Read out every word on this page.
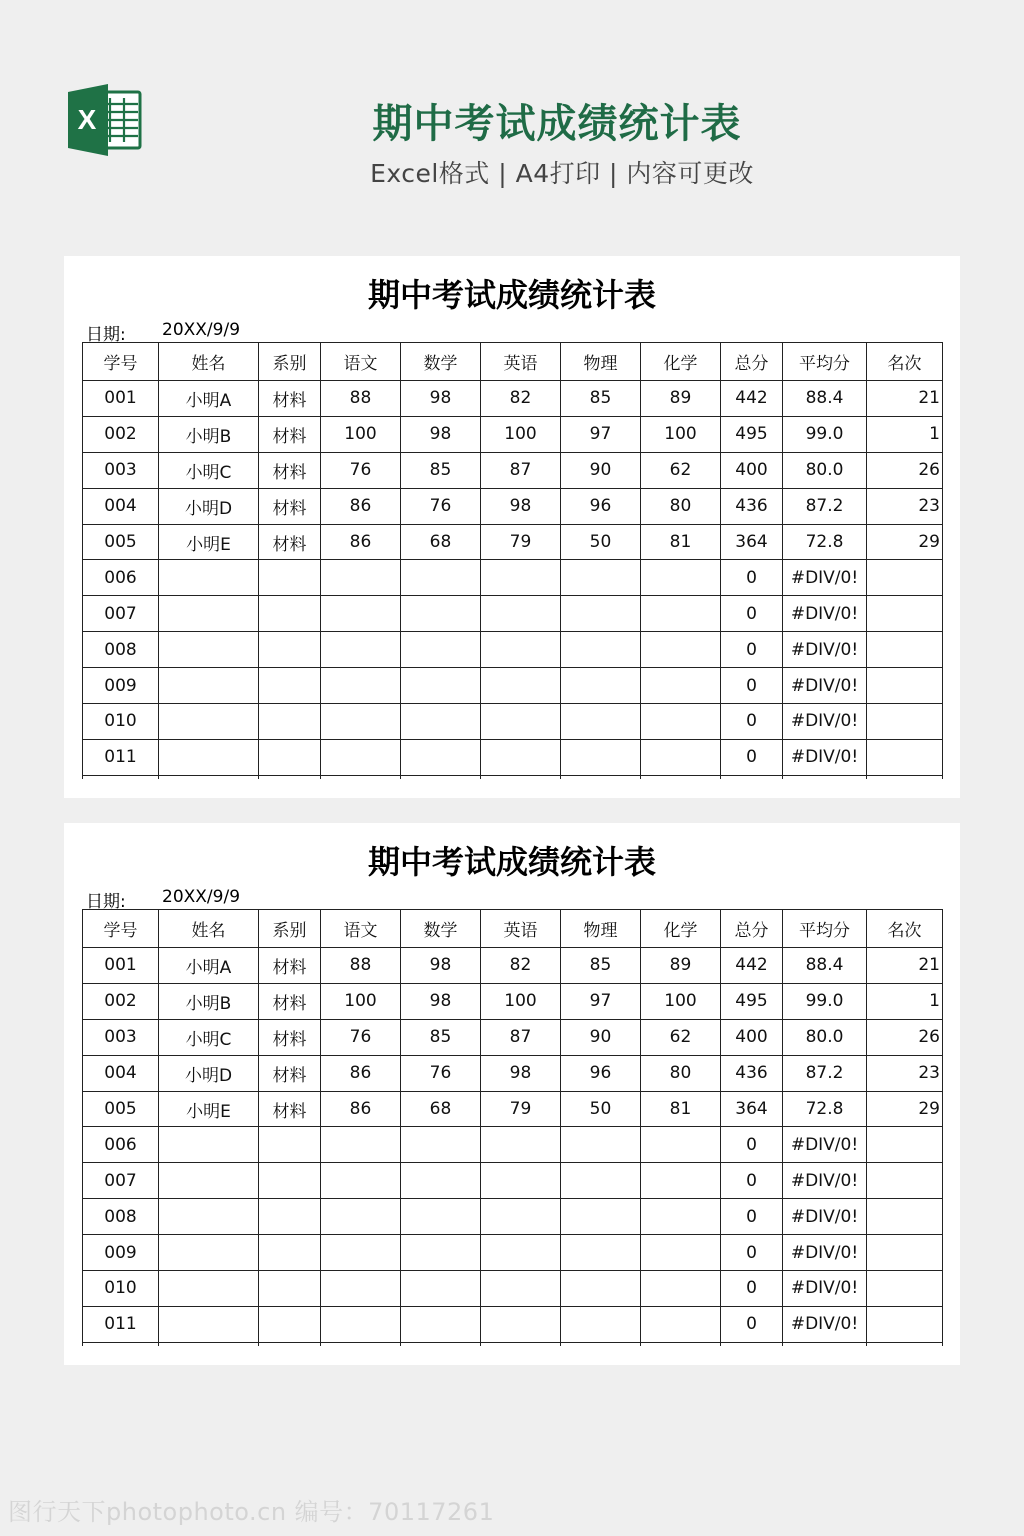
X	期中考试成绩统计表
Excel格式 | A4打印 | 内容可更改
期中考试成绩统计表
日期: 20XX/9/9
学号	姓名	系别	语文	数学	英语	物理	化学	总分	平均分	名次
001	小明A	材料	88	98	82	85	89	442	88.4	21
002	小明B	材料	100	98	100	97	100	495	99.0	1
003	小明C	材料	76	85	87	90	62	400	80.0	26
004	小明D	材料	86	76	98	96	80	436	87.2	23
005	小明E	材料	86	68	79	50	81	364	72.8	29
006								0	#DIV/0!	
007								0	#DIV/0!	
008								0	#DIV/0!	
009								0	#DIV/0!	
010								0	#DIV/0!	
011								0	#DIV/0!	

期中考试成绩统计表
日期: 20XX/9/9
学号	姓名	系别	语文	数学	英语	物理	化学	总分	平均分	名次
001	小明A	材料	88	98	82	85	89	442	88.4	21
002	小明B	材料	100	98	100	97	100	495	99.0	1
003	小明C	材料	76	85	87	90	62	400	80.0	26
004	小明D	材料	86	76	98	96	80	436	87.2	23
005	小明E	材料	86	68	79	50	81	364	72.8	29
006								0	#DIV/0!	
007								0	#DIV/0!	
008								0	#DIV/0!	
009								0	#DIV/0!	
010								0	#DIV/0!	
011								0	#DIV/0!	

图行天下photophoto.cn 编号：70117261
